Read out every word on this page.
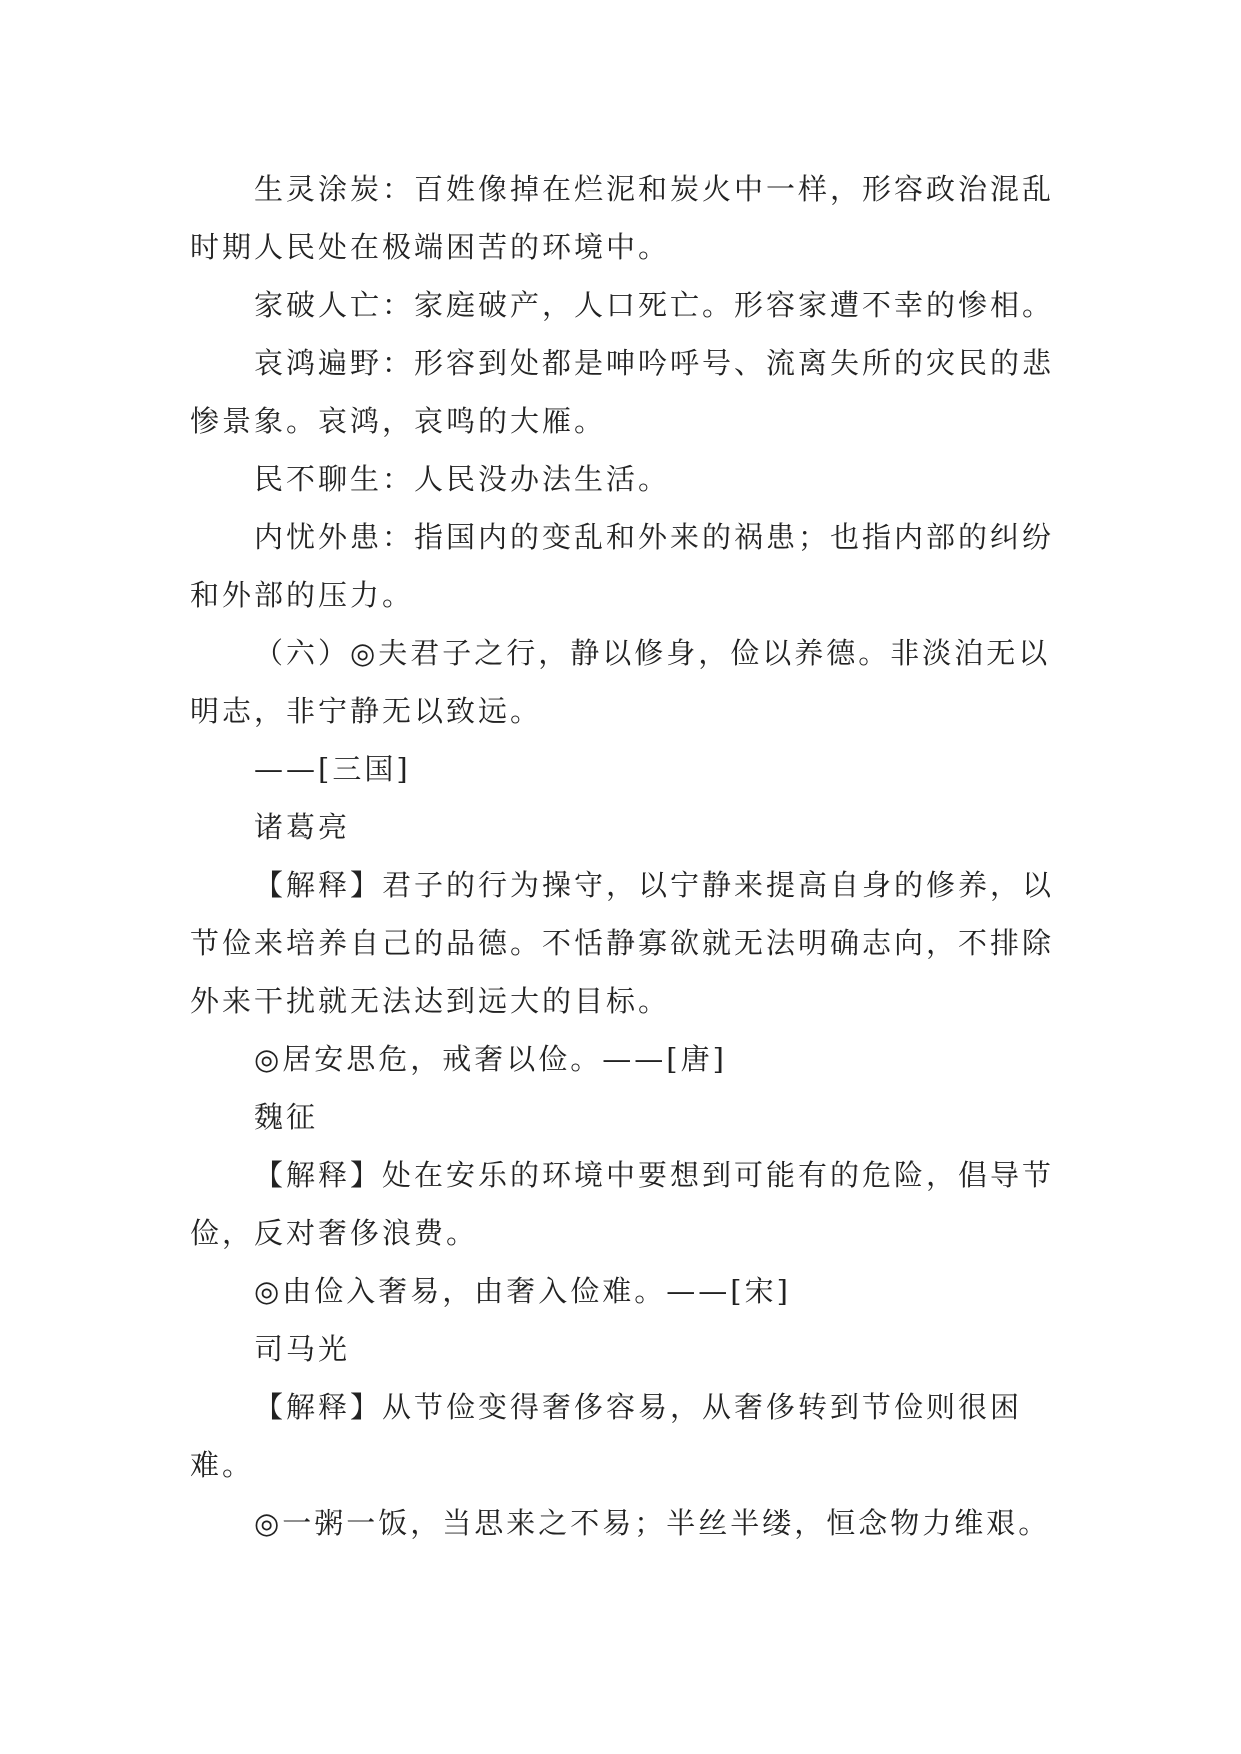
生灵涂炭：百姓像掉在烂泥和炭火中一样，形容政治混乱时期人民处在极端困苦的环境中。

家破人亡：家庭破产，人口死亡。形容家遭不幸的惨相。

哀鸿遍野：形容到处都是呻吟呼号、流离失所的灾民的悲惨景象。哀鸿，哀鸣的大雁。

民不聊生：人民没办法生活。

内忧外患：指国内的变乱和外来的祸患；也指内部的纠纷和外部的压力。

（六）◎夫君子之行，静以修身，俭以养德。非淡泊无以明志，非宁静无以致远。

——[三国]

诸葛亮

【解释】君子的行为操守，以宁静来提高自身的修养，以节俭来培养自己的品德。不恬静寡欲就无法明确志向，不排除外来干扰就无法达到远大的目标。

◎居安思危，戒奢以俭。——[唐]

魏征

【解释】处在安乐的环境中要想到可能有的危险，倡导节俭，反对奢侈浪费。

◎由俭入奢易，由奢入俭难。——[宋]

司马光

【解释】从节俭变得奢侈容易，从奢侈转到节俭则很困难。

◎一粥一饭，当思来之不易；半丝半缕，恒念物力维艰。
